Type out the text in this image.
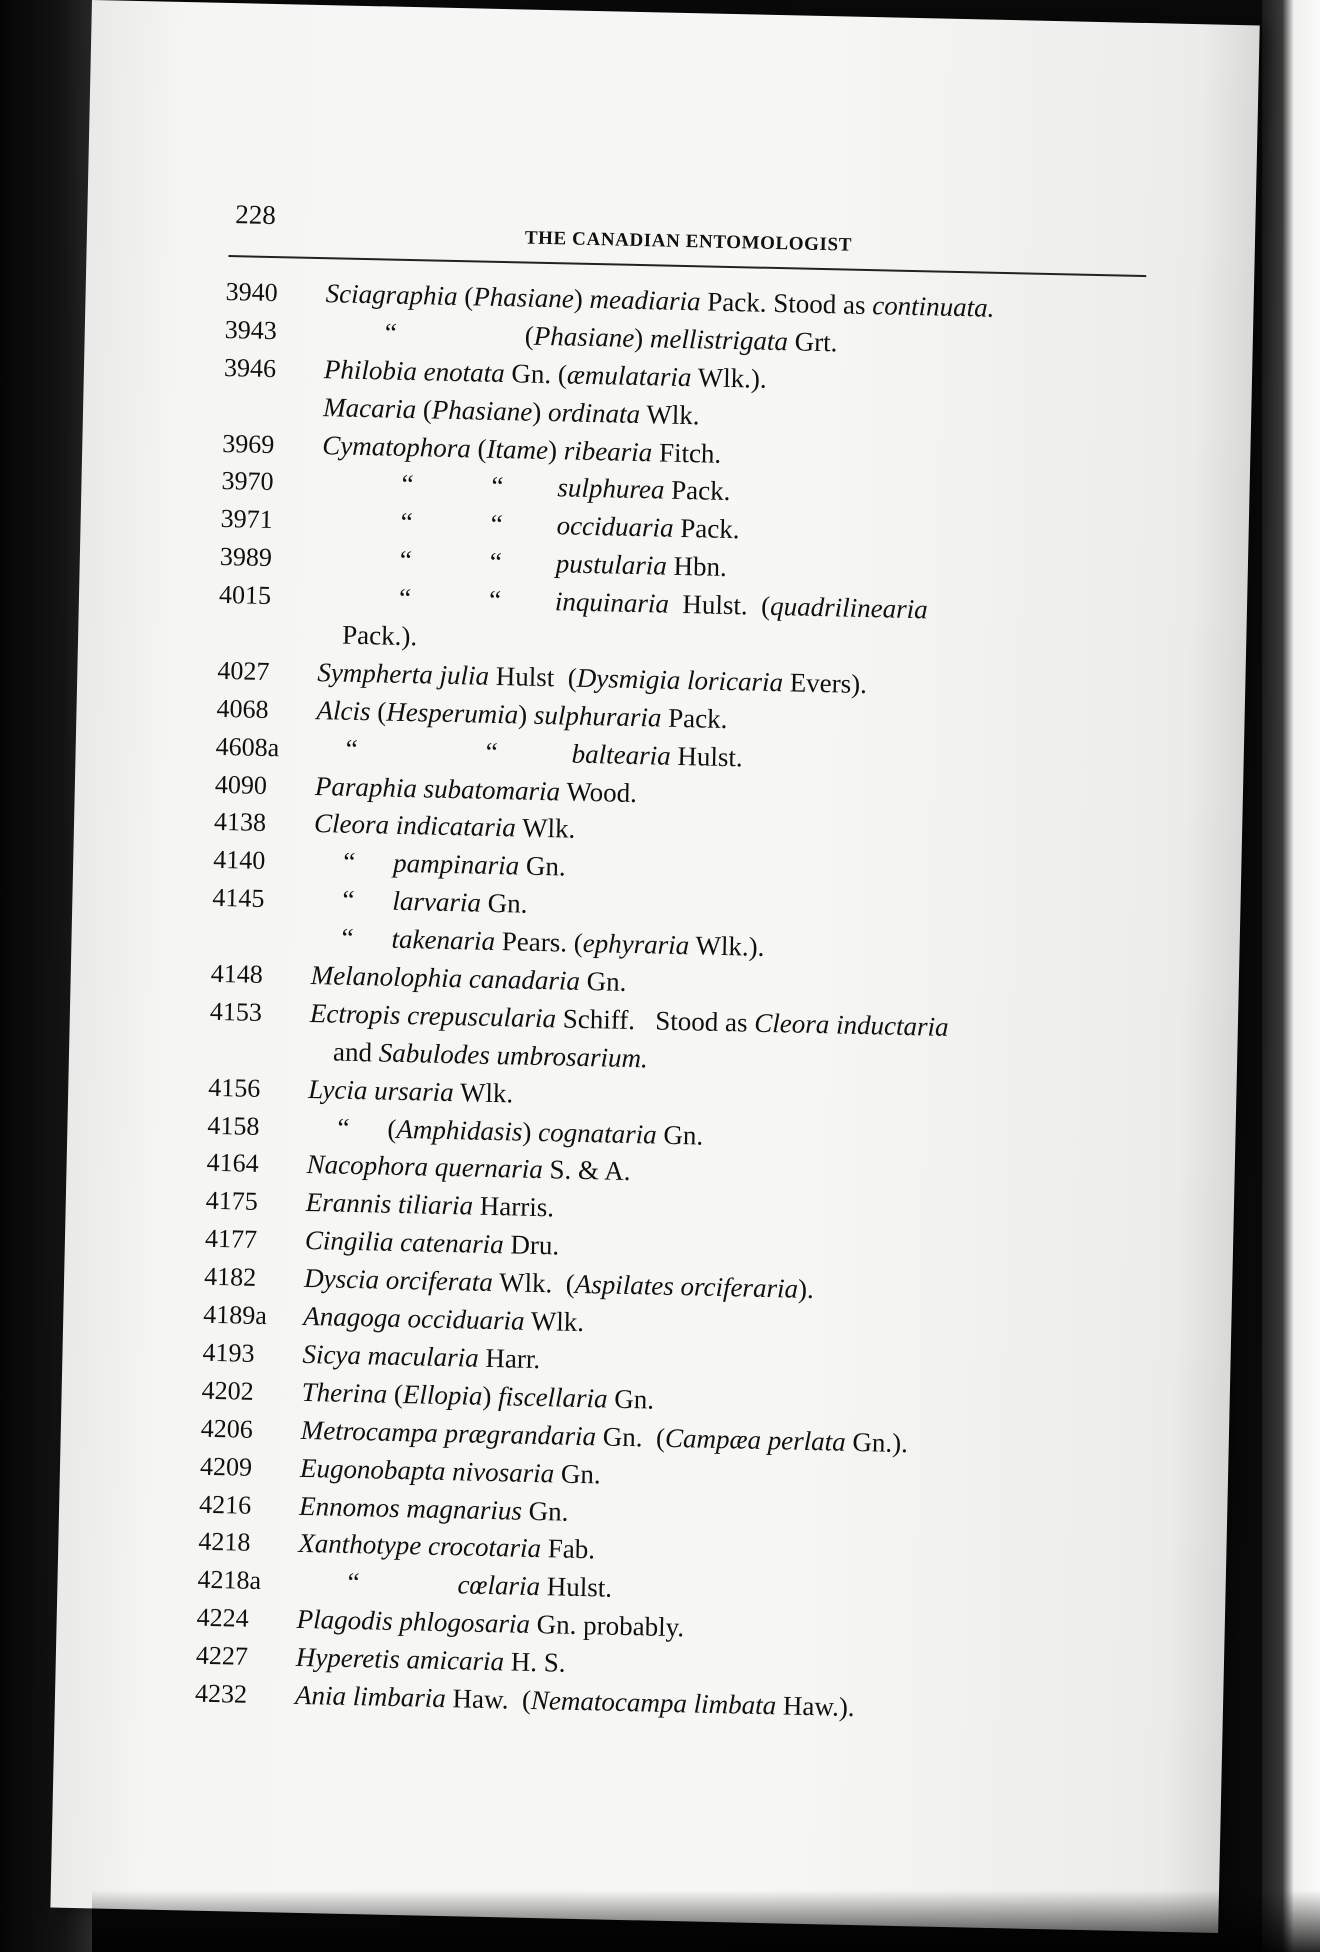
228
THE CANADIAN ENTOMOLOGIST
3940	Sciagraphia (Phasiane) meadiaria Pack. Stood as continuata.
3943	“	(Phasiane) mellistrigata Grt.
3946	Philobia enotata Gn. (æmulataria Wlk.).
Macaria (Phasiane) ordinata Wlk.
3969	Cymatophora (Itame) ribearia Fitch.
3970	“	“ sulphurea Pack.
3971	“	“ occiduaria Pack.
3989	“	“ pustularia Hbn.
4015	“	“ inquinaria  Hulst.  (quadrilinearia
Pack.).
4027	Sympherta julia Hulst  (Dysmigia loricaria Evers).
4068	Alcis (Hesperumia) sulphuraria Pack.
4608a	“	“	baltearia Hulst.
4090	Paraphia subatomaria Wood.
4138	Cleora indicataria Wlk.
4140	“ pampinaria Gn.
4145	“ larvaria Gn.
“ takenaria Pears. (ephyraria Wlk.).
4148	Melanolophia canadaria Gn.
4153	Ectropis crepuscularia Schiff.   Stood as Cleora inductaria
and Sabulodes umbrosarium.
4156	Lycia ursaria Wlk.
4158	“ (Amphidasis) cognataria Gn.
4164	Nacophora quernaria S. & A.
4175	Erannis tiliaria Harris.
4177	Cingilia catenaria Dru.
4182	Dyscia orciferata Wlk.  (Aspilates orciferaria).
4189a	Anagoga occiduaria Wlk.
4193	Sicya macularia Harr.
4202	Therina (Ellopia) fiscellaria Gn.
4206	Metrocampa prægrandaria Gn.  (Campæa perlata Gn.).
4209	Eugonobapta nivosaria Gn.
4216	Ennomos magnarius Gn.
4218	Xanthotype crocotaria Fab.
4218a	“	cœlaria Hulst.
4224	Plagodis phlogosaria Gn. probably.
4227	Hyperetis amicaria H. S.
4232	Ania limbaria Haw.  (Nematocampa limbata Haw.).
